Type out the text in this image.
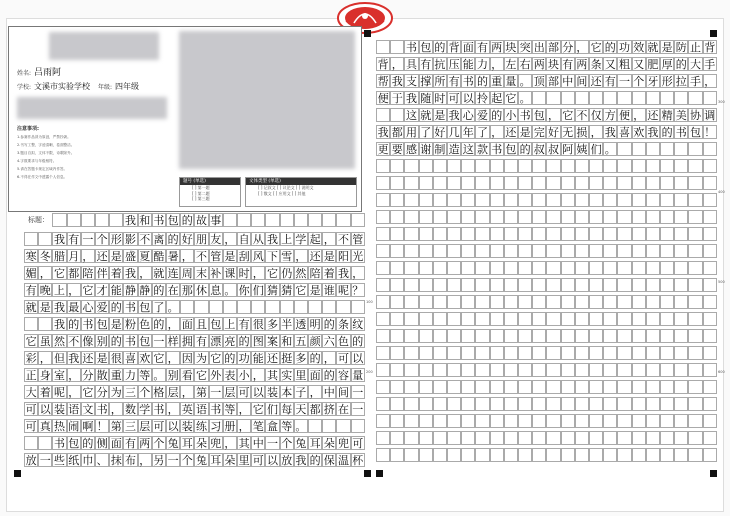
姓名: 吕雨阿
学校: 文溪市实验学校 年级: 四年级
注意事项:
1.参赛作品须为原创，严禁抄袭。
2.书写工整，字迹清晰，卷面整洁。
3.题目自拟，文体不限，诗歌除外。
4.字数要求与年级相符。
5.请在答题卡规定区域内作答。
6.不得在作文中透露个人信息。
题号 (单选)
[ ] 第一题
[ ] 第二题
[ ] 第三题
文体类型 (单选)
[ ] 记叙文 [ ] 议论文 [ ] 说明文
[ ] 散文 [ ] 应用文 [ ] 其他
标题：	我 和 书 包 的 故 事
我 有 一 个 形 影 不 离 的 好 朋 友 ， 自 从 我 上 学 起 ， 不 管
寒 冬 腊 月 ， 还 是 盛 夏 酷 暑 ， 不 管 是 刮 风 下 雪 ， 还 是 阳 光
媚 ， 它 都 陪 伴 着 我 ， 就 连 周 末 补 课 时 ， 它 仍 然 陪 着 我 ，
有 晚 上 ， 它 才 能 静 静 的 在 那 休 息 。 你 们 猜 猜 它 是 谁 呢 ？
就 是 我 最 心 爱 的 书 包 了 。
我 的 书 包 是 粉 色 的 ， 面 且 包 上 有 很 多 半 透 明 的 条 纹
它 虽 然 不 像 别 的 书 包 一 样 拥 有 漂 亮 的 图 案 和 五 颜 六 色 的
彩 ， 但 我 还 是 很 喜 欢 它 ， 因 为 它 的 功 能 还 挺 多 的 ， 可 以
正 身 室 ， 分 散 重 力 等 。 别 看 它 外 表 小 ， 其 实 里 面 的 容 量
大 着 呢 ， 它 分 为 三 个 格 层 ， 第 一 层 可 以 装 本 子 ， 中 间 一
可 以 装 语 文 书 ， 数 学 书 ， 英 语 书 等 ， 它 们 每 天 都 挤 在 一
可 真 热 闹 啊 ！ 第 三 层 可 以 装 练 习 册 ， 笔 盒 等 。
书 包 的 侧 面 有 两 个 兔 耳 朵 兜 ， 其 中 一 个 兔 耳 朵 兜 可
放 一 些 纸 巾 、 抹 布 ， 另 一 个 兔 耳 朵 里 可 以 放 我 的 保 温 杯
书 包 的 背 面 有 两 块 突 出 部 分 ， 它 的 功 效 就 是 防 止 背
背 ， 具 有 抗 压 能 力 ， 左 右 两 块 有 两 条 又 粗 又 肥 厚 的 大 手
帮 我 支 撑 所 有 书 的 重 量 。 顶 部 中 间 还 有 一 个 牙 形 拉 手 ，
便 于 我 随 时 可 以 拎 起 它 。
这 就 是 我 心 爱 的 小 书 包 ， 它 不 仅 方 便 ， 还 精 美 协 调
我 都 用 了 好 几 年 了 ， 还 是 完 好 无 损 ， 我 喜 欢 我 的 书 包 ！
更 要 感 谢 制 造 这 款 书 包 的 叔 叔 阿 姨 们 。
100
200
300
400
500
600
